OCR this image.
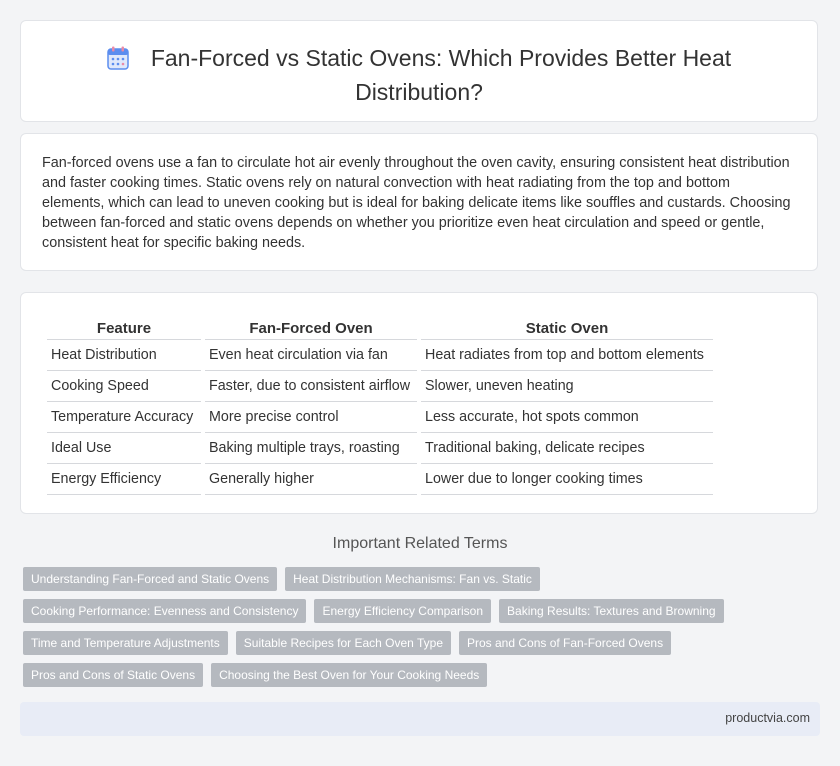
Fan-Forced vs Static Ovens: Which Provides Better Heat
Distribution?
Fan-forced ovens use a fan to circulate hot air evenly throughout the oven cavity, ensuring consistent heat distribution and faster cooking times. Static ovens rely on natural convection with heat radiating from the top and bottom elements, which can lead to uneven cooking but is ideal for baking delicate items like souffles and custards. Choosing between fan-forced and static ovens depends on whether you prioritize even heat circulation and speed or gentle, consistent heat for specific baking needs.
Feature	Fan-Forced Oven	Static Oven
Heat Distribution	Even heat circulation via fan	Heat radiates from top and bottom elements
Cooking Speed	Faster, due to consistent airflow	Slower, uneven heating
Temperature Accuracy	More precise control	Less accurate, hot spots common
Ideal Use	Baking multiple trays, roasting	Traditional baking, delicate recipes
Energy Efficiency	Generally higher	Lower due to longer cooking times
Important Related Terms
Understanding Fan-Forced and Static Ovens	Heat Distribution Mechanisms: Fan vs. Static
Cooking Performance: Evenness and Consistency	Energy Efficiency Comparison	Baking Results: Textures and Browning
Time and Temperature Adjustments	Suitable Recipes for Each Oven Type	Pros and Cons of Fan-Forced Ovens
Pros and Cons of Static Ovens	Choosing the Best Oven for Your Cooking Needs
productvia.com
